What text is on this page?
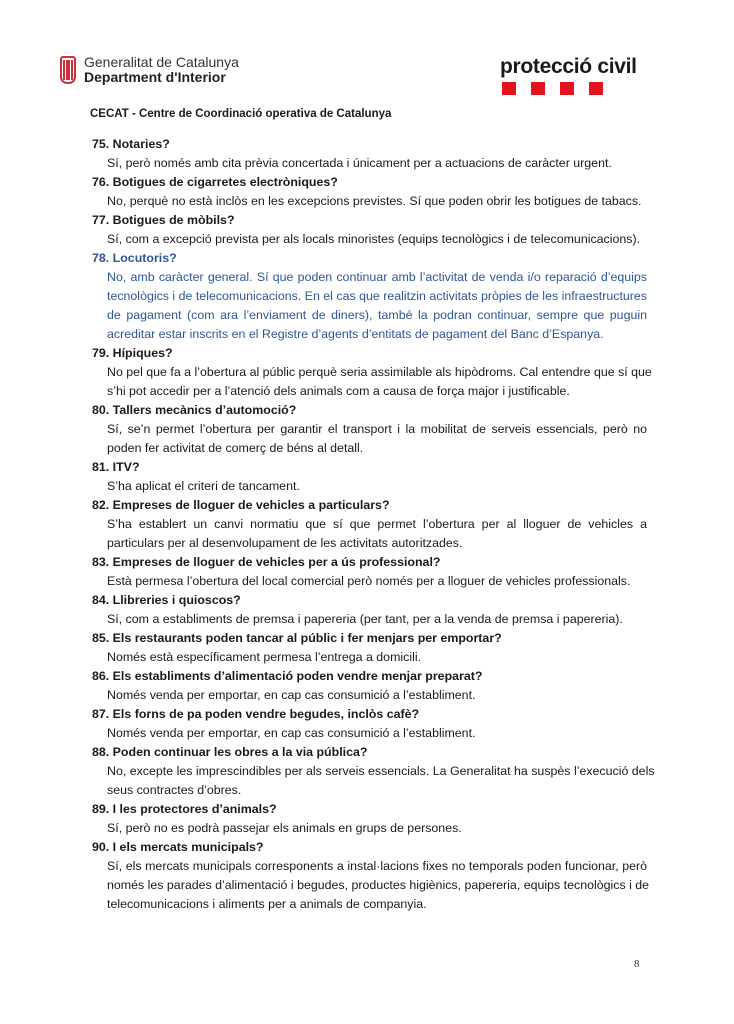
Generalitat de Catalunya
Department d'Interior	protecció civil
CECAT - Centre de Coordinació operativa de Catalunya
75. Notaries?
Sí, però només amb cita prèvia concertada i únicament per a actuacions de caràcter urgent.
76. Botigues de cigarretes electròniques?
No, perquè no està inclòs en les excepcions previstes. Sí que poden obrir les botigues de tabacs.
77. Botigues de mòbils?
Sí, com a excepció prevista per als locals minoristes (equips tecnològics i de telecomunicacions).
78. Locutoris?
No, amb caràcter general. Sí que poden continuar amb l’activitat de venda i/o reparació d’equips
tecnològics i de telecomunicacions. En el cas que realitzin activitats pròpies de les infraestructures
de pagament (com ara l’enviament de diners), també la podran continuar, sempre que puguin
acreditar estar inscrits en el Registre d’agents d’entitats de pagament del Banc d’Espanya.
79. Hípiques?
No pel que fa a l’obertura al públic perquè seria assimilable als hipòdroms. Cal entendre que sí que
s’hi pot accedir per a l’atenció dels animals com a causa de força major i justificable.
80. Tallers mecànics d’automoció?
Sí, se’n permet l’obertura per garantir el transport i la mobilitat de serveis essencials, però no
poden fer activitat de comerç de béns al detall.
81. ITV?
S’ha aplicat el criteri de tancament.
82. Empreses de lloguer de vehicles a particulars?
S’ha establert un canvi normatiu que sí que permet l’obertura per al lloguer de vehicles a
particulars per al desenvolupament de les activitats autoritzades.
83. Empreses de lloguer de vehicles per a ús professional?
Està permesa l’obertura del local comercial però només per a lloguer de vehicles professionals.
84. Llibreries i quioscos?
Sí, com a establiments de premsa i papereria (per tant, per a la venda de premsa i papereria).
85. Els restaurants poden tancar al públic i fer menjars per emportar?
Només està específicament permesa l’entrega a domicili.
86. Els establiments d’alimentació poden vendre menjar preparat?
Només venda per emportar, en cap cas consumició a l’establiment.
87. Els forns de pa poden vendre begudes, inclòs cafè?
Només venda per emportar, en cap cas consumició a l’establiment.
88. Poden continuar les obres a la via pública?
No, excepte les imprescindibles per als serveis essencials. La Generalitat ha suspès l’execució dels
seus contractes d’obres.
89. I les protectores d’animals?
Sí, però no es podrà passejar els animals en grups de persones.
90. I els mercats municipals?
Sí, els mercats municipals corresponents a instal·lacions fixes no temporals poden funcionar, però
només les parades d’alimentació i begudes, productes higiènics, papereria, equips tecnològics i de
telecomunicacions i aliments per a animals de companyia.
8
